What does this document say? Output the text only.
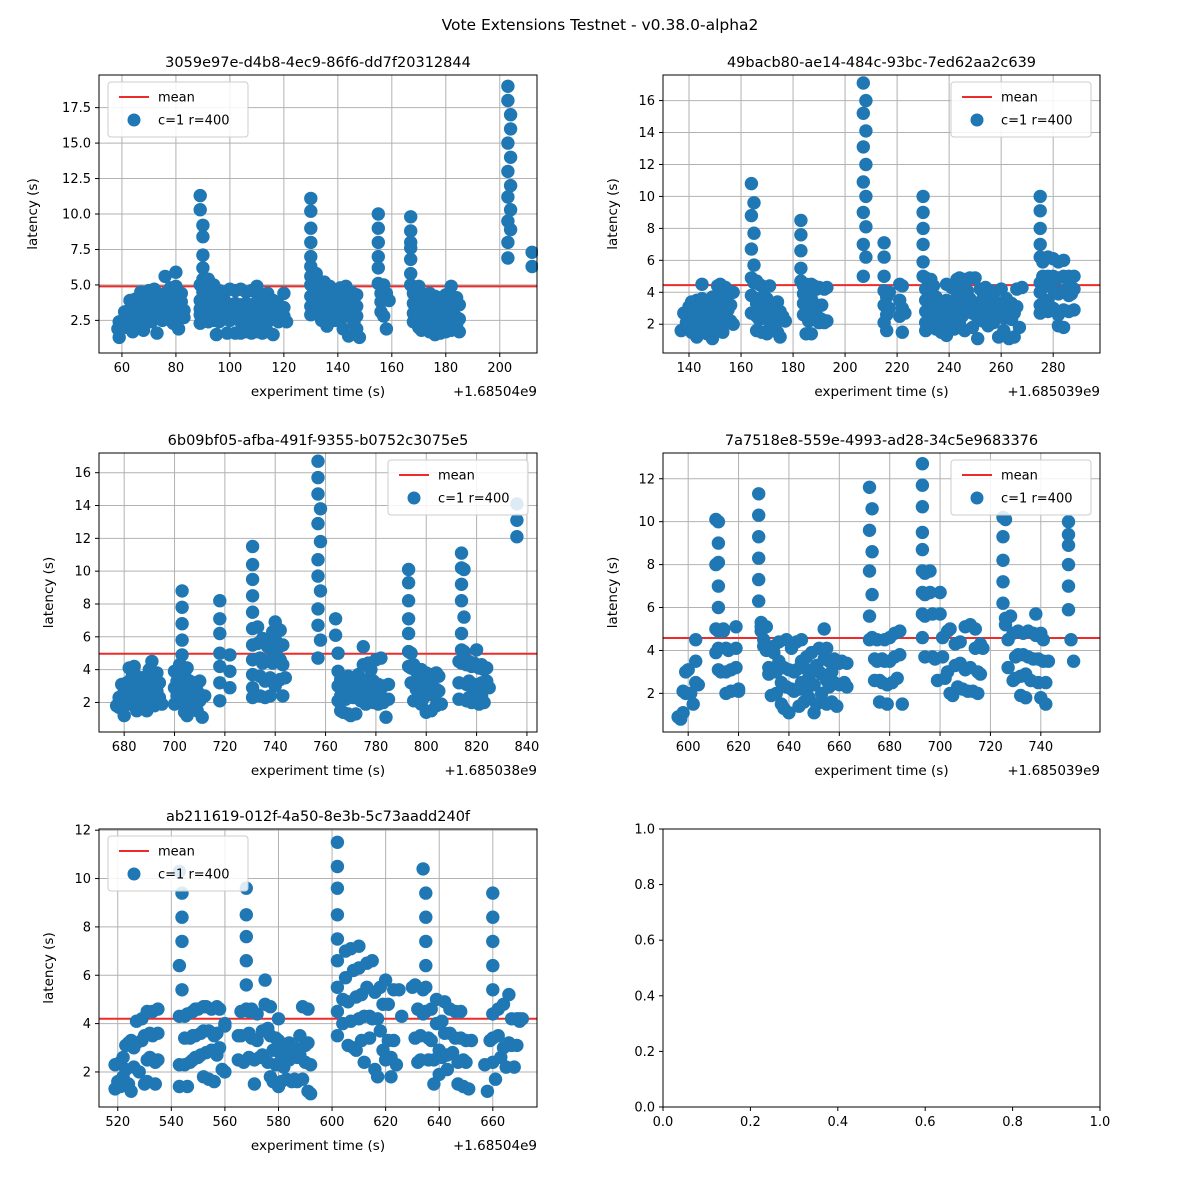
Vote Extensions Testnet - v0.38.0-alpha2
60	80	100 120 140 160 180 200
2.5
5.0
7.5
10.0
12.5
15.0
17.5
3059e97e-d4b8-4ec9-86f6-dd7f20312844
experiment time (s)	+1.68504e9
latency (s)
mean
c=1 r=400
140 160 180 200 220 240 260 280
2
4
6
8
10
12
14
16
49bacb80-ae14-484c-93bc-7ed62aa2c639
experiment time (s)	+1.685039e9
latency (s)
mean
c=1 r=400
680 700 720 740 760 780 800 820 840
2
4
6
8
10
12
14
16
6b09bf05-afba-491f-9355-b0752c3075e5
experiment time (s)	+1.685038e9
latency (s)
mean
c=1 r=400
600 620 640 660 680 700 720 740
2
4
6
8
10
12
7a7518e8-559e-4993-ad28-34c5e9683376
experiment time (s)	+1.685039e9
latency (s)
mean
c=1 r=400
520 540 560 580 600 620 640 660
2
4
6
8
10
12
ab211619-012f-4a50-8e3b-5c73aadd240f
experiment time (s)	+1.68504e9
latency (s)
mean
c=1 r=400
0.0	0.2	0.4	0.6	0.8	1.0
0.0
0.2
0.4
0.6
0.8
1.0
